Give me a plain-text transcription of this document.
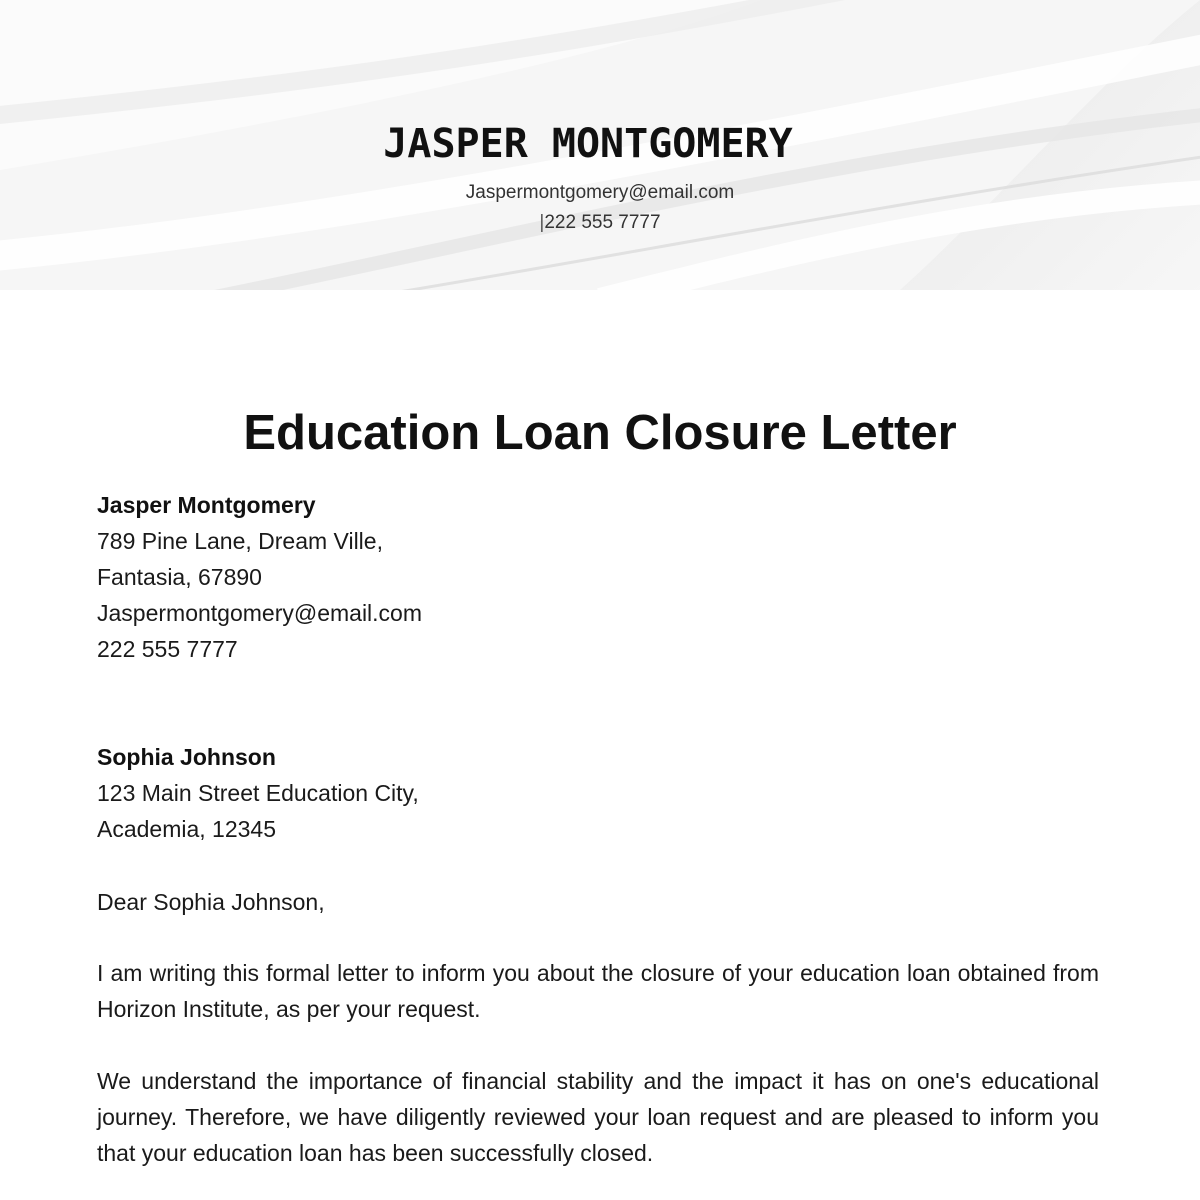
JASPER MONTGOMERY
Jaspermontgomery@email.com
|222 555 7777
Education Loan Closure Letter
Jasper Montgomery
789 Pine Lane, Dream Ville,
Fantasia, 67890
Jaspermontgomery@email.com
222 555 7777
Sophia Johnson
123 Main Street Education City,
Academia, 12345
Dear Sophia Johnson,
I am writing this formal letter to inform you about the closure of your education loan obtained from Horizon Institute, as per your request.
We understand the importance of financial stability and the impact it has on one's educational journey. Therefore, we have diligently reviewed your loan request and are pleased to inform you that your education loan has been successfully closed.
